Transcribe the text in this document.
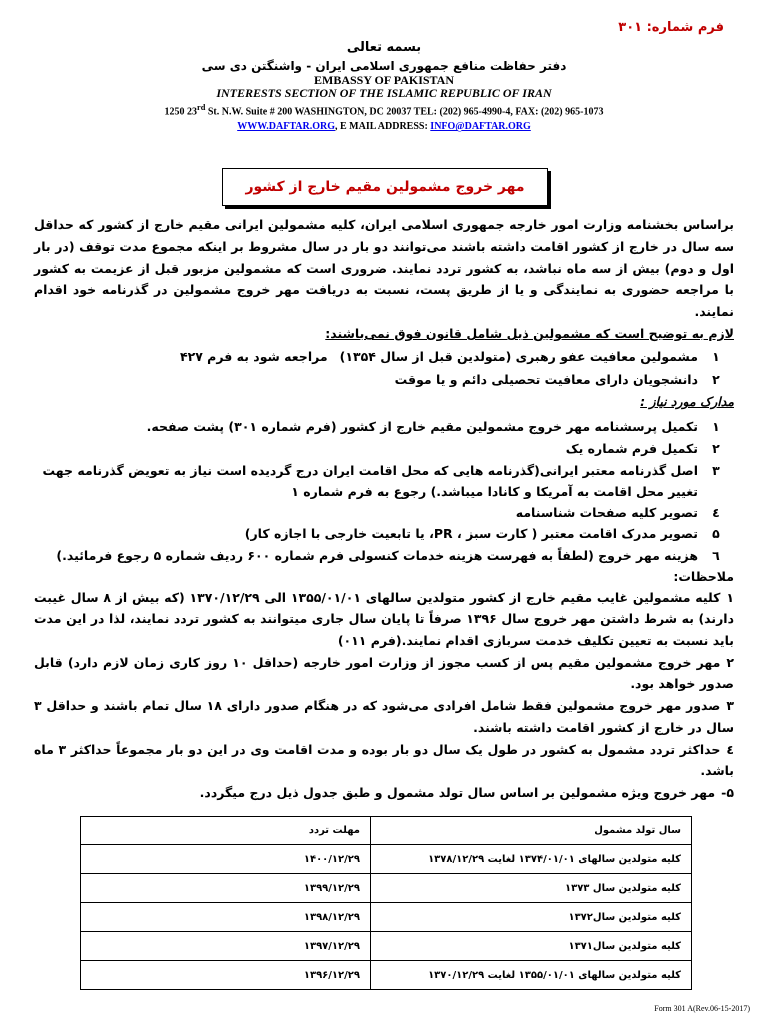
فرم شماره: ۳۰۱
بسمه تعالی
دفتر حفاظت منافع جمهوری اسلامی ایران - واشنگتن دی سی
EMBASSY OF PAKISTAN
INTERESTS SECTION OF THE ISLAMIC REPUBLIC OF IRAN
1250 23rd St. N.W. Suite # 200 WASHINGTON, DC 20037 TEL: (202) 965-4990-4, FAX: (202) 965-1073
WWW.DAFTAR.ORG, E MAIL ADDRESS: INFO@DAFTAR.ORG
مهر خروج مشمولین مقیم خارج از کشور
براساس بخشنامه وزارت امور خارجه جمهوری اسلامی ایران، کلیه مشمولین ایرانی مقیم خارج از کشور که حداقل سه سال در خارج از کشور اقامت داشته باشند می‌توانند دو بار در سال مشروط بر اینکه مجموع مدت توقف (در بار اول و دوم) بیش از سه ماه نباشد، به کشور تردد نمایند. ضروری است که مشمولین مزبور قبل از عزیمت به کشور با مراجعه حضوری به نمایندگی و یا از طریق پست، نسبت به دریافت مهر خروج مشمولین در گذرنامه خود اقدام نمایند.
لازم به توضیح است که مشمولین ذیل شامل قانون فوق نمی‌باشند:
۱
مشمولین معافیت عفو رهبری (متولدین قبل از سال ۱۳۵۴)مراجعه شود به فرم ۴۲۷
۲
دانشجویان دارای معافیت تحصیلی دائم و یا موقت
مدارک مورد نیاز :
۱
تکمیل پرسشنامه مهر خروج مشمولین مقیم خارج از کشور (فرم شماره ۳۰۱) پشت صفحه.
۲
تکمیل فرم شماره یک
۳
اصل گذرنامه معتبر ایرانی(گذرنامه هایی که محل اقامت ایران درج گردیده است نیاز به تعویض گذرنامه جهت تغییر محل اقامت به آمریکا و کانادا میباشد.) رجوع به فرم شماره ۱
٤
تصویر کلیه صفحات شناسنامه
۵
تصویر مدرک اقامت معتبر ( کارت سبز ، PR، یا تابعیت خارجی با اجازه کار)
٦
هزینه مهر خروج (لطفاً به فهرست هزینه خدمات کنسولی فرم شماره ۶۰۰ ردیف شماره ۵ رجوع فرمائید.)
ملاحظات:
۱کلیه مشمولین غایب مقیم خارج از کشور متولدین سالهای ۱۳۵۵/۰۱/۰۱ الی ۱۳۷۰/۱۲/۲۹ (که بیش از ۸ سال غیبت دارند) به شرط داشتن مهر خروج سال ۱۳۹۶ صرفاً تا پایان سال جاری میتوانند به کشور تردد نمایند، لذا در این مدت باید نسبت به تعیین تکلیف خدمت سربازی اقدام نمایند.(فرم ۰۱۱)
۲مهر خروج مشمولین مقیم پس از کسب مجوز از وزارت امور خارجه (حداقل ۱۰ روز کاری زمان لازم دارد) قابل صدور خواهد بود.
۳صدور مهر خروج مشمولین فقط شامل افرادی می‌شود که در هنگام صدور دارای ۱۸ سال تمام باشند و حداقل ۳ سال در خارج از کشور اقامت داشته باشند.
٤حداکثر تردد مشمول به کشور در طول یک سال دو بار بوده و مدت اقامت وی در این دو بار مجموعاً حداکثر ۳ ماه باشد.
۵-مهر خروج ویژه مشمولین بر اساس سال تولد مشمول و طبق جدول ذیل درج میگردد.
سال تولد مشمول	مهلت تردد
کلیه متولدین سالهای ۱۳۷۴/۰۱/۰۱ لغایت ۱۳۷۸/۱۲/۲۹	۱۴۰۰/۱۲/۲۹
کلیه متولدین سال ۱۳۷۳	۱۳۹۹/۱۲/۲۹
کلیه متولدین سال۱۳۷۲	۱۳۹۸/۱۲/۲۹
کلیه متولدین سال۱۳۷۱	۱۳۹۷/۱۲/۲۹
کلیه متولدین سالهای ۱۳۵۵/۰۱/۰۱ لغایت ۱۳۷۰/۱۲/۲۹	۱۳۹۶/۱۲/۲۹
Form 301 A(Rev.06-15-2017)
